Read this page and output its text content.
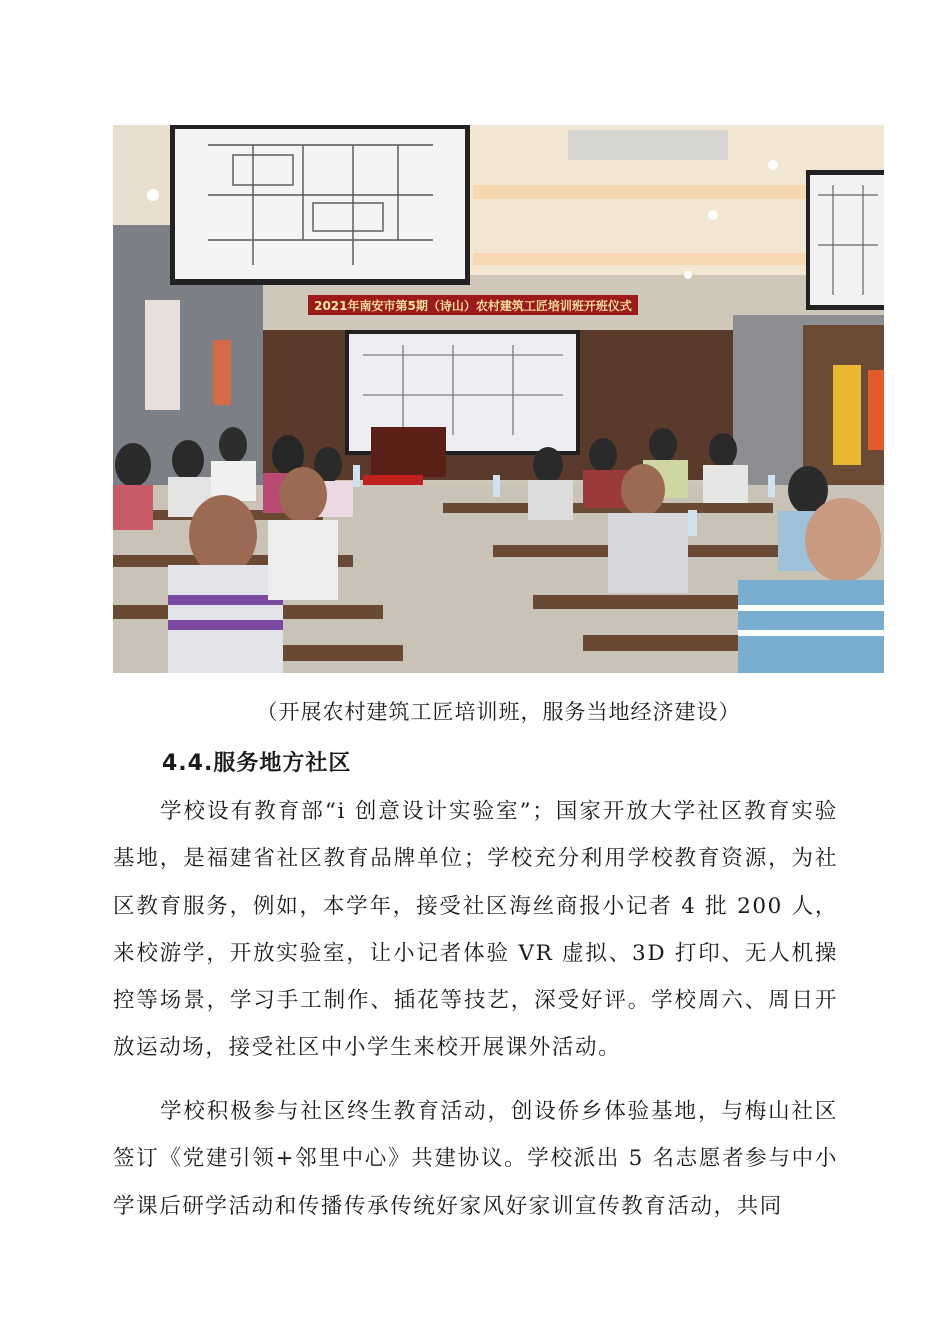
2021年南安市第5期（诗山）农村建筑工匠培训班开班仪式
（开展农村建筑工匠培训班，服务当地经济建设）
4.4.服务地方社区

学校设有教育部“i 创意设计实验室”；国家开放大学社区教育实验基地，是福建省社区教育品牌单位；学校充分利用学校教育资源，为社区教育服务，例如，本学年，接受社区海丝商报小记者 4 批 200 人，来校游学，开放实验室，让小记者体验 VR 虚拟、3D 打印、无人机操控等场景，学习手工制作、插花等技艺，深受好评。学校周六、周日开放运动场，接受社区中小学生来校开展课外活动。

学校积极参与社区终生教育活动，创设侨乡体验基地，与梅山社区签订《党建引领+邻里中心》共建协议。学校派出 5 名志愿者参与中小学课后研学活动和传播传承传统好家风好家训宣传教育活动，共同
